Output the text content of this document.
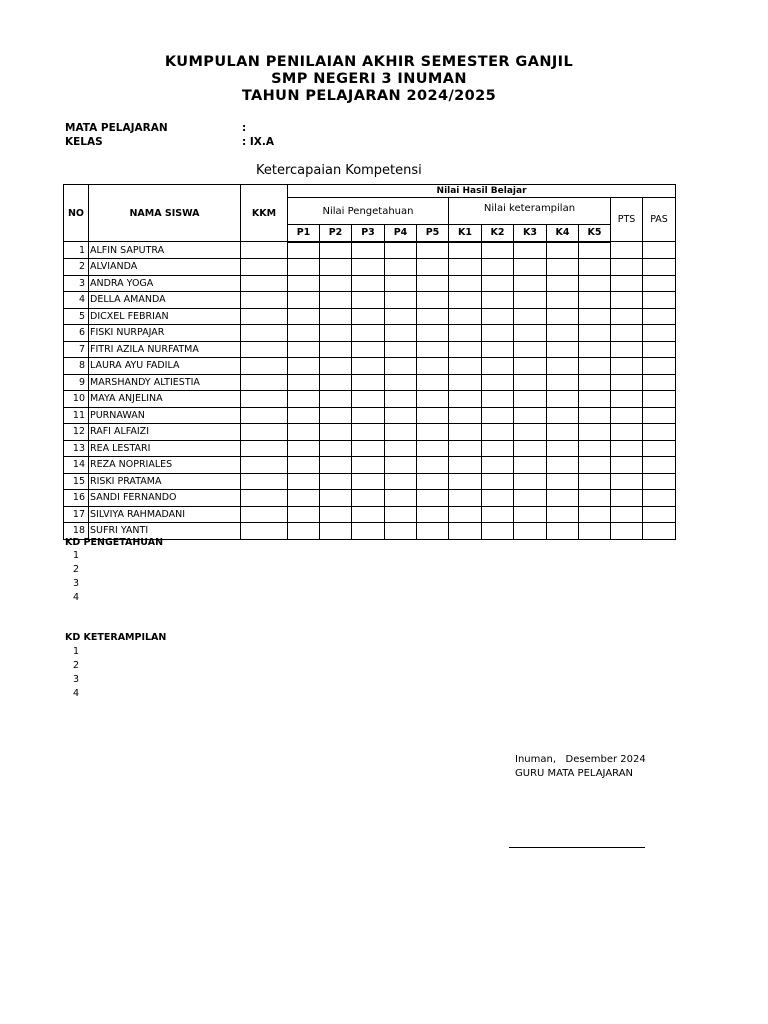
KUMPULAN PENILAIAN AKHIR SEMESTER GANJIL
SMP NEGERI 3 INUMAN
TAHUN PELAJARAN 2024/2025
MATA PELAJARAN	:
KELAS	: IX.A
Ketercapaian Kompetensi
NO	NAMA SISWA	KKM	Nilai Hasil Belajar											
			Nilai Pengetahuan					Nilai keterampilan					PTS	PAS
			P1	P2	P3	P4	P5	K1	K2	K3	K4	K5		
1	ALFIN SAPUTRA													
2	ALVIANDA													
3	ANDRA YOGA													
4	DELLA AMANDA													
5	DICXEL FEBRIAN													
6	FISKI NURPAJAR													
7	FITRI AZILA NURFATMA													
8	LAURA AYU FADILA													
9	MARSHANDY ALTIESTIA													
10	MAYA ANJELINA													
11	PURNAWAN													
12	RAFI ALFAIZI													
13	REA LESTARI													
14	REZA NOPRIALES													
15	RISKI PRATAMA													
16	SANDI FERNANDO													
17	SILVIYA RAHMADANI													
18	SUFRI YANTI													
KD PENGETAHUAN
1
2
3
4
KD KETERAMPILAN
1
2
3
4
Inuman,   Desember 2024
GURU MATA PELAJARAN
